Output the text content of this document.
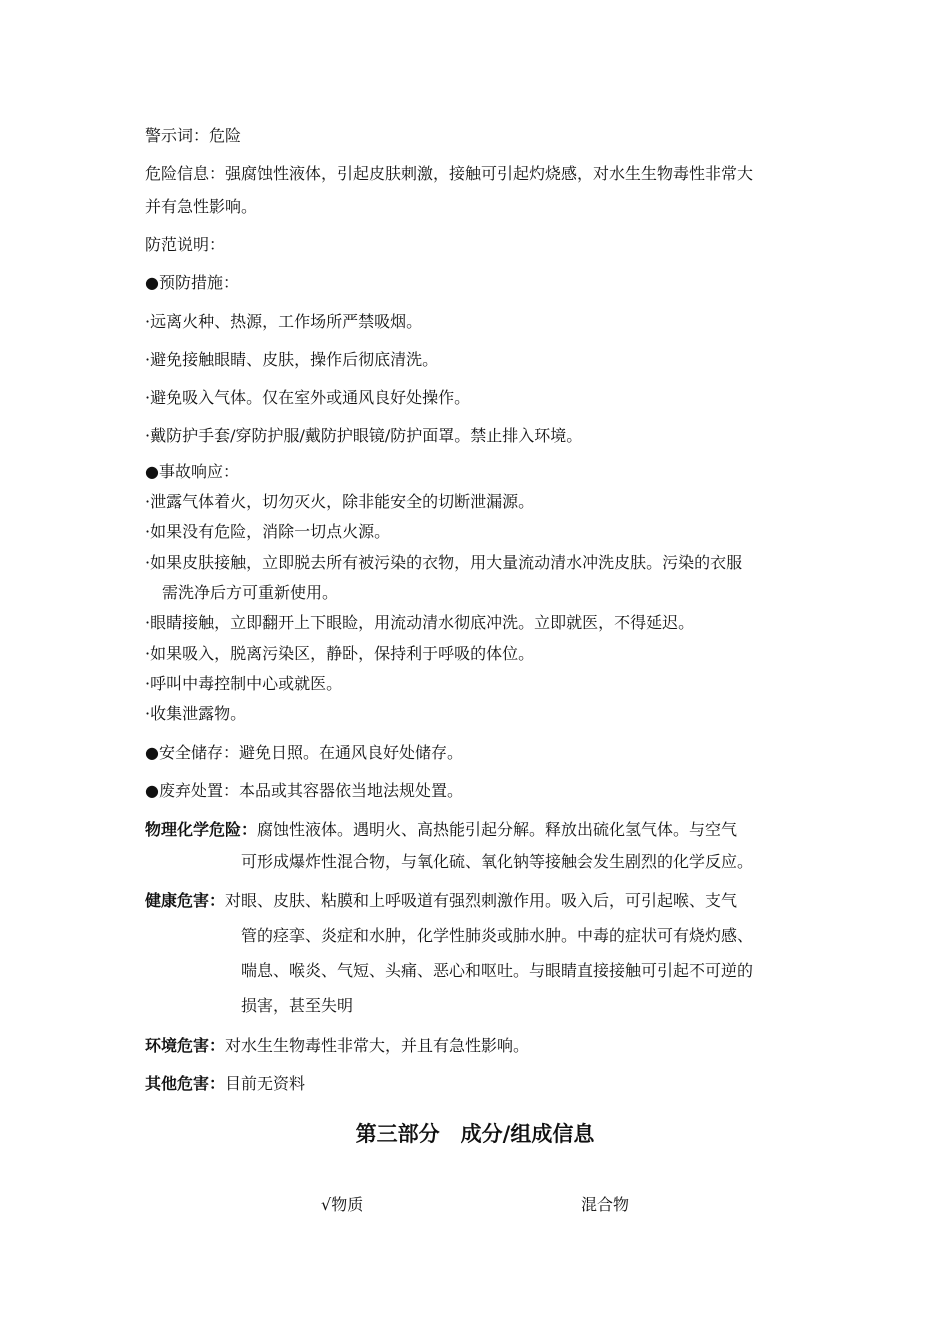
警示词：危险
危险信息：强腐蚀性液体，引起皮肤刺激，接触可引起灼烧感，对水生生物毒性非常大
并有急性影响。
防范说明：
●预防措施：
·远离火种、热源，工作场所严禁吸烟。
·避免接触眼睛、皮肤，操作后彻底清洗。
·避免吸入气体。仅在室外或通风良好处操作。
·戴防护手套/穿防护服/戴防护眼镜/防护面罩。禁止排入环境。
●事故响应：
·泄露气体着火，切勿灭火，除非能安全的切断泄漏源。
·如果没有危险，消除一切点火源。
·如果皮肤接触，立即脱去所有被污染的衣物，用大量流动清水冲洗皮肤。污染的衣服
需洗净后方可重新使用。
·眼睛接触，立即翻开上下眼睑，用流动清水彻底冲洗。立即就医，不得延迟。
·如果吸入，脱离污染区，静卧，保持利于呼吸的体位。
·呼叫中毒控制中心或就医。
·收集泄露物。
●安全储存：避免日照。在通风良好处储存。
●废弃处置：本品或其容器依当地法规处置。
物理化学危险：腐蚀性液体。遇明火、高热能引起分解。释放出硫化氢气体。与空气
可形成爆炸性混合物，与氧化硫、氧化钠等接触会发生剧烈的化学反应。
健康危害：对眼、皮肤、粘膜和上呼吸道有强烈刺激作用。吸入后，可引起喉、支气
管的痉挛、炎症和水肿，化学性肺炎或肺水肿。中毒的症状可有烧灼感、
喘息、喉炎、气短、头痛、恶心和呕吐。与眼睛直接接触可引起不可逆的
损害，甚至失明
环境危害：对水生生物毒性非常大，并且有急性影响。
其他危害：目前无资料
第三部分　成分/组成信息
√物质	混合物
